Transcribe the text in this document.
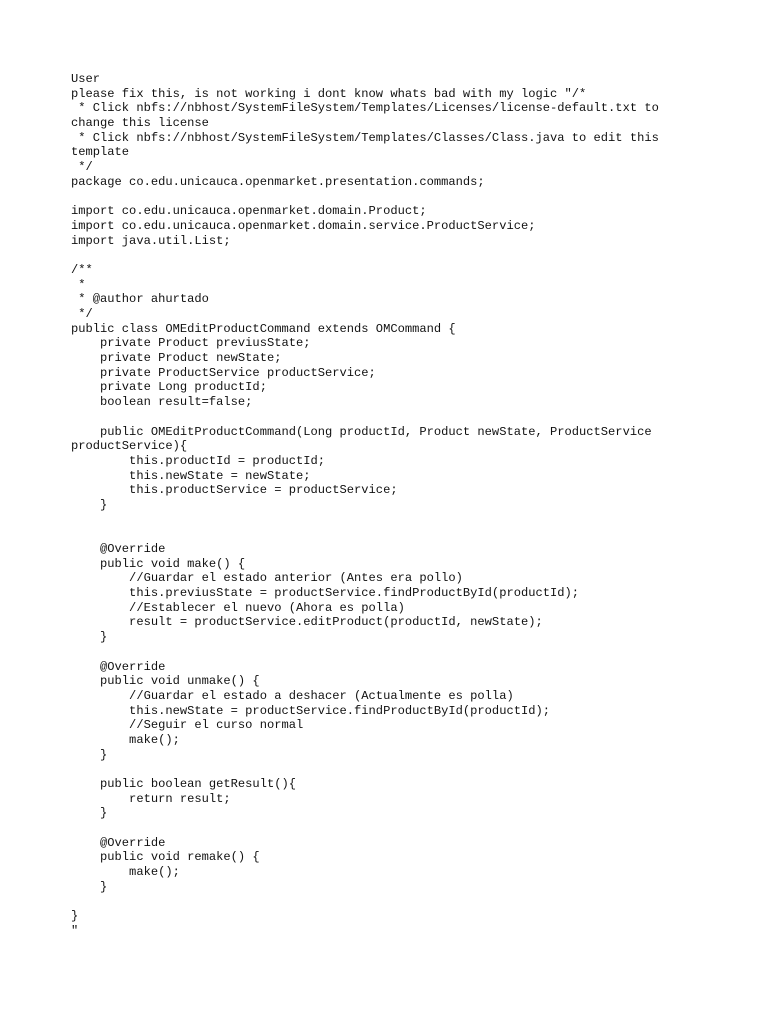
User
please fix this, is not working i dont know whats bad with my logic "/*
* Click nbfs://nbhost/SystemFileSystem/Templates/Licenses/license-default.txt to
change this license
* Click nbfs://nbhost/SystemFileSystem/Templates/Classes/Class.java to edit this
template
*/
package co.edu.unicauca.openmarket.presentation.commands;
import co.edu.unicauca.openmarket.domain.Product;
import co.edu.unicauca.openmarket.domain.service.ProductService;
import java.util.List;
/**
*
* @author ahurtado
*/
public class OMEditProductCommand extends OMCommand {
private Product previusState;
private Product newState;
private ProductService productService;
private Long productId;
boolean result=false;
public OMEditProductCommand(Long productId, Product newState, ProductService
productService){
this.productId = productId;
this.newState = newState;
this.productService = productService;
}
@Override
public void make() {
//Guardar el estado anterior (Antes era pollo)
this.previusState = productService.findProductById(productId);
//Establecer el nuevo (Ahora es polla)
result = productService.editProduct(productId, newState);
}
@Override
public void unmake() {
//Guardar el estado a deshacer (Actualmente es polla)
this.newState = productService.findProductById(productId);
//Seguir el curso normal
make();
}
public boolean getResult(){
return result;
}
@Override
public void remake() {
make();
}
}
"
